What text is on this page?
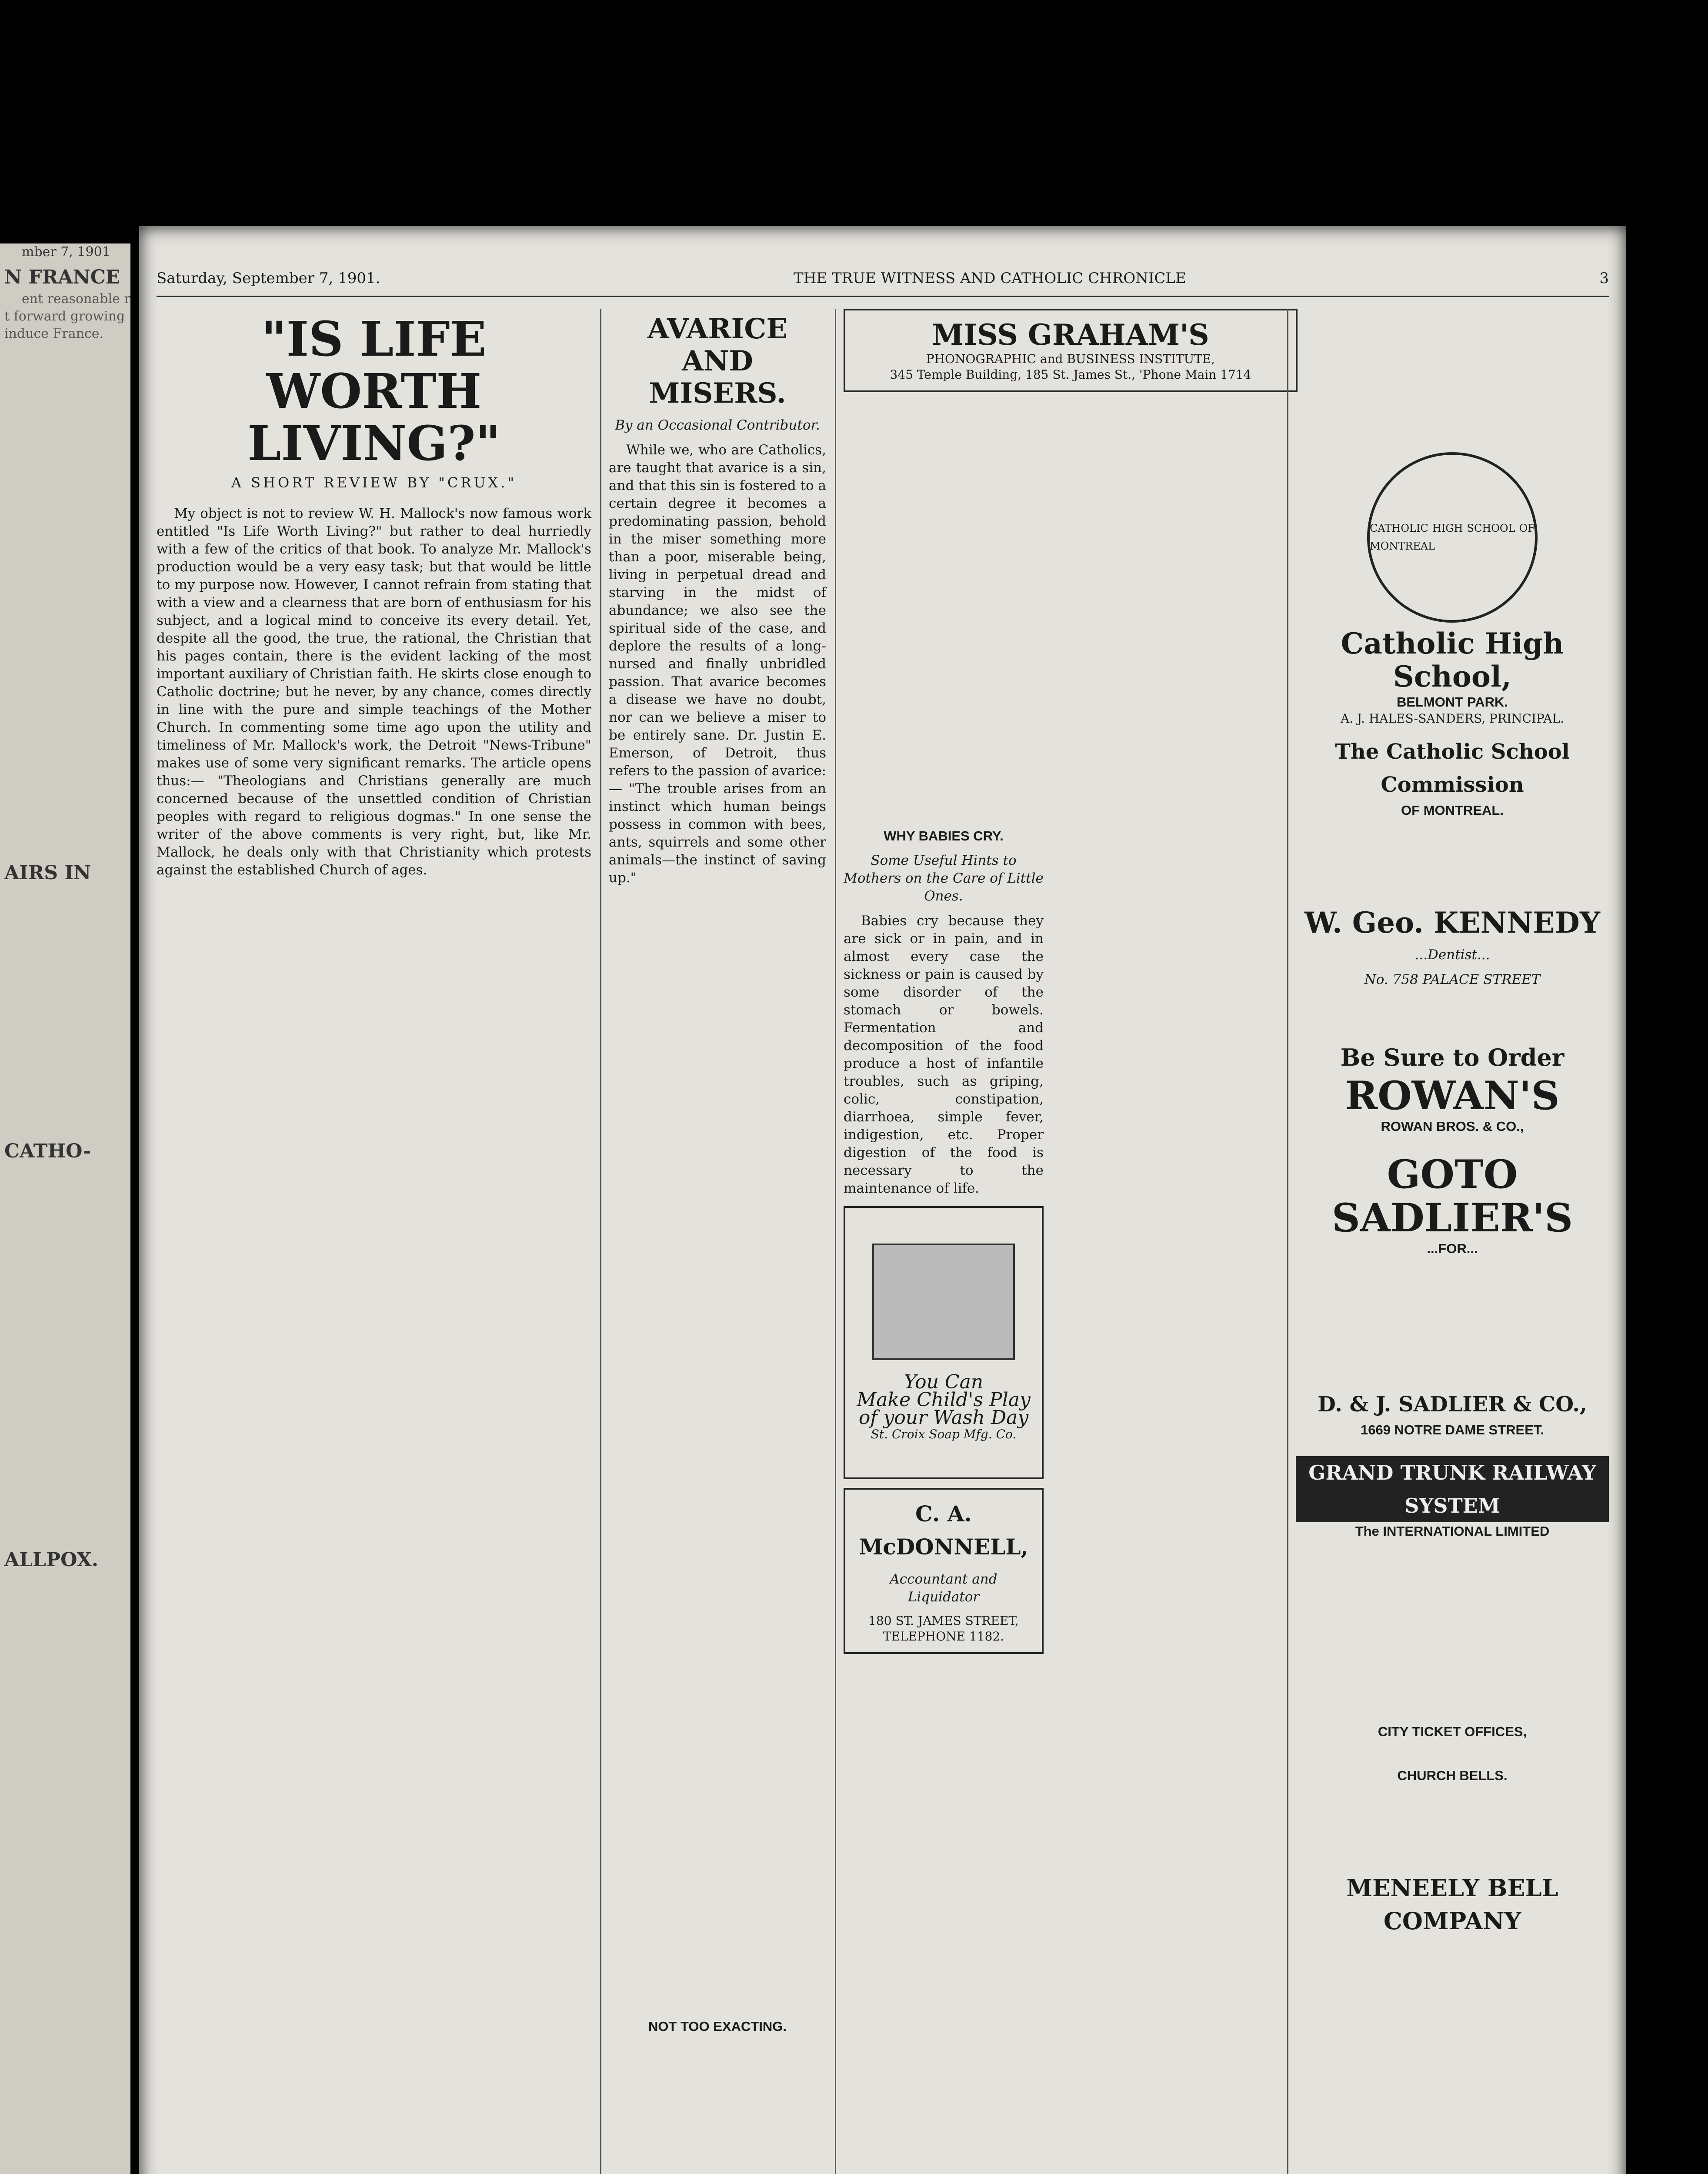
mber 7, 1901

N FRANCE

ent reasonable rt forward growing induce France.

AIRS IN
CATHO-
ALLPOX.
Saturday, September 7, 1901.	THE TRUE WITNESS AND CATHOLIC CHRONICLE	3
"IS LIFE WORTH LIVING?"
A SHORT REVIEW BY "CRUX."

My object is not to review W. H. Mallock's now famous work entitled "Is Life Worth Living?" but rather to deal hurriedly with a few of the critics of that book. To analyze Mr. Mallock's production would be a very easy task; but that would be little to my purpose now. However, I cannot refrain from stating that with a view and a clearness that are born of enthusiasm for his subject, and a logical mind to conceive its every detail. Yet, despite all the good, the true, the rational, the Christian that his pages contain, there is the evident lacking of the most important auxiliary of Christian faith. He skirts close enough to Catholic doctrine; but he never, by any chance, comes directly in line with the pure and simple teachings of the Mother Church. In commenting some time ago upon the utility and timeliness of Mr. Mallock's work, the Detroit "News-Tribune" makes use of some very significant remarks. The article opens thus:— "Theologians and Christians generally are much concerned because of the unsettled condition of Christian peoples with regard to religious dogmas." In one sense the writer of the above comments is very right, but, like Mr. Mallock, he deals only with that Christianity which protests against the established Church of ages.

AVARICE AND MISERS.
By an Occasional Contributor.

While we, who are Catholics, are taught that avarice is a sin, and that this sin is fostered to a certain degree it becomes a predominating passion, behold in the miser something more than a poor, miserable being, living in perpetual dread and starving in the midst of abundance; we also see the spiritual side of the case, and deplore the results of a long-nursed and finally unbridled passion. That avarice becomes a disease we have no doubt, nor can we believe a miser to be entirely sane. Dr. Justin E. Emerson, of Detroit, thus refers to the passion of avarice:— "The trouble arises from an instinct which human beings possess in common with bees, ants, squirrels and some other animals—the instinct of saving up."

NOT TOO EXACTING.
MISS GRAHAM'S
PHONOGRAPHIC and BUSINESS INSTITUTE,
345 Temple Building, 185 St. James St., 'Phone Main 1714
WHY BABIES CRY.
Some Useful Hints to Mothers on the Care of Little Ones.

Babies cry because they are sick or in pain, and in almost every case the sickness or pain is caused by some disorder of the stomach or bowels. Fermentation and decomposition of the food produce a host of infantile troubles, such as griping, colic, constipation, diarrhoea, simple fever, indigestion, etc. Proper digestion of the food is necessary to the maintenance of life.

You Can
Make Child's Play
of your Wash Day
St. Croix Soap Mfg. Co.
C. A. McDONNELL,
Accountant and Liquidator
180 ST. JAMES STREET,
TELEPHONE 1182.
CATHOLIC HIGH SCHOOL OF MONTREAL
Catholic High School,
BELMONT PARK.
A. J. HALES-SANDERS, PRINCIPAL.
The Catholic School Commission
OF MONTREAL.
W. Geo. KENNEDY
...Dentist...
No. 758 PALACE STREET
Be Sure to Order
ROWAN'S
ROWAN BROS. & CO.,
GOTO SADLIER'S
...FOR...
D. & J. SADLIER & CO.,
1669 NOTRE DAME STREET.
GRAND TRUNK RAILWAY SYSTEM
The INTERNATIONAL LIMITED
CITY TICKET OFFICES,
CHURCH BELLS.
MENEELY BELL COMPANY
